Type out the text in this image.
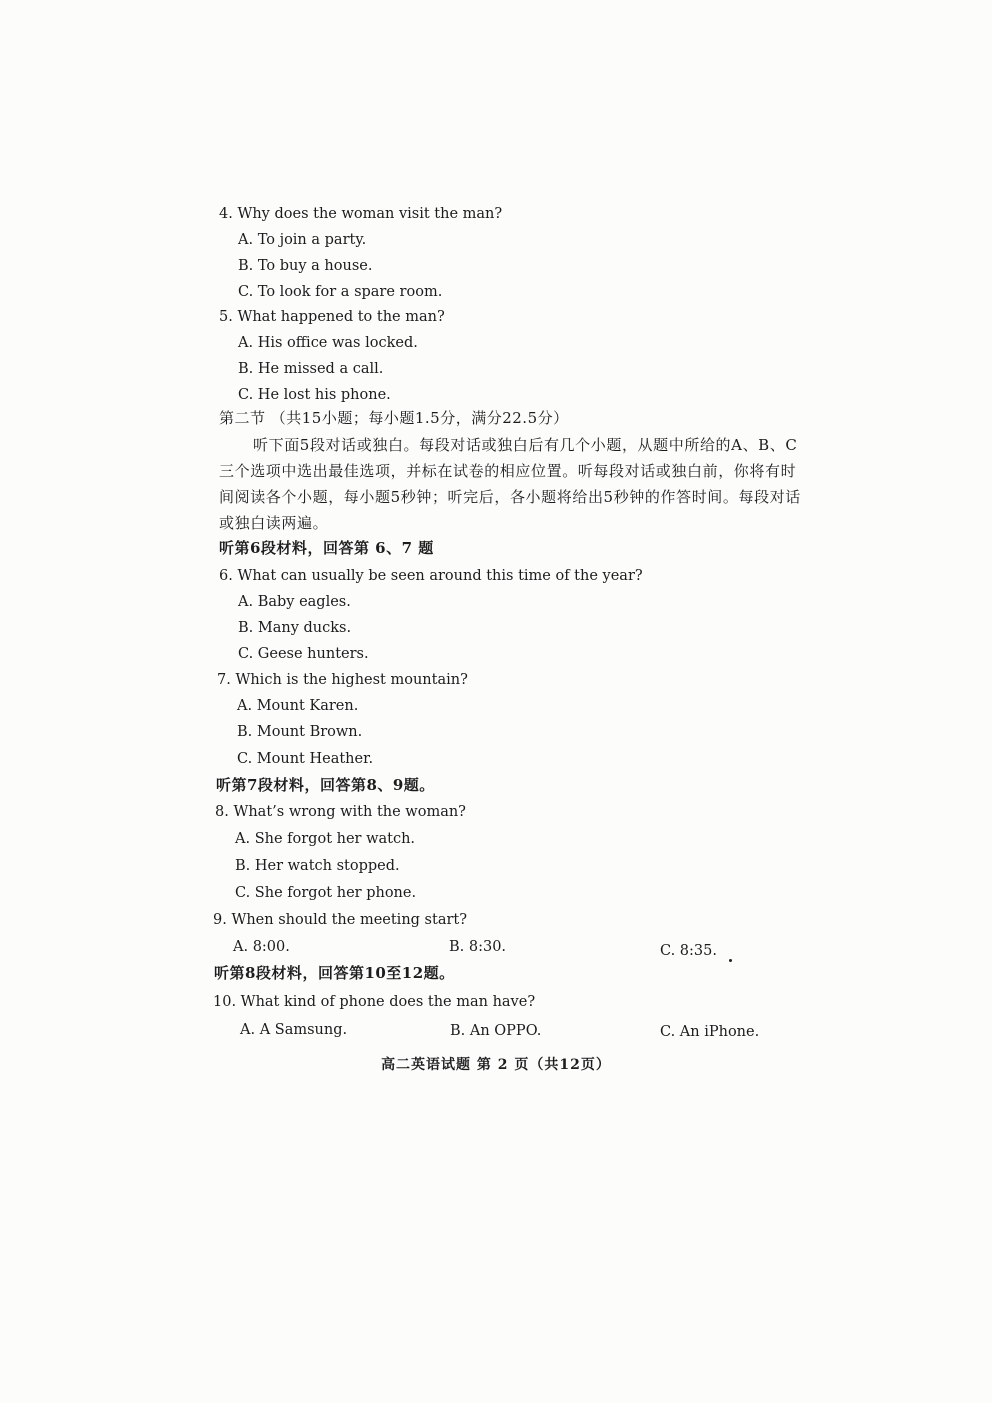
4. Why does the woman visit the man?
A. To join a party.
B. To buy a house.
C. To look for a spare room.
5. What happened to the man?
A. His office was locked.
B. He missed a call.
C. He lost his phone.
第二节 （共15小题；每小题1.5分，满分22.5分）
听下面5段对话或独白。每段对话或独白后有几个小题，从题中所给的A、B、C三个选项中选出最佳选项，并标在试卷的相应位置。听每段对话或独白前，你将有时间阅读各个小题，每小题5秒钟；听完后，各小题将给出5秒钟的作答时间。每段对话或独白读两遍。
听第6段材料，回答第 6、7 题
6. What can usually be seen around this time of the year?
A. Baby eagles.
B. Many ducks.
C. Geese hunters.
7. Which is the highest mountain?
A. Mount Karen.
B. Mount Brown.
C. Mount Heather.
听第7段材料，回答第8、9题。
8. What’s wrong with the woman?
A. She forgot her watch.
B. Her watch stopped.
C. She forgot her phone.
9. When should the meeting start?
A. 8:00.	B. 8:30.	C. 8:35.
听第8段材料，回答第10至12题。
10. What kind of phone does the man have?
A. A Samsung.	B. An OPPO.	C. An iPhone.
高二英语试题 第 2 页（共12页）
